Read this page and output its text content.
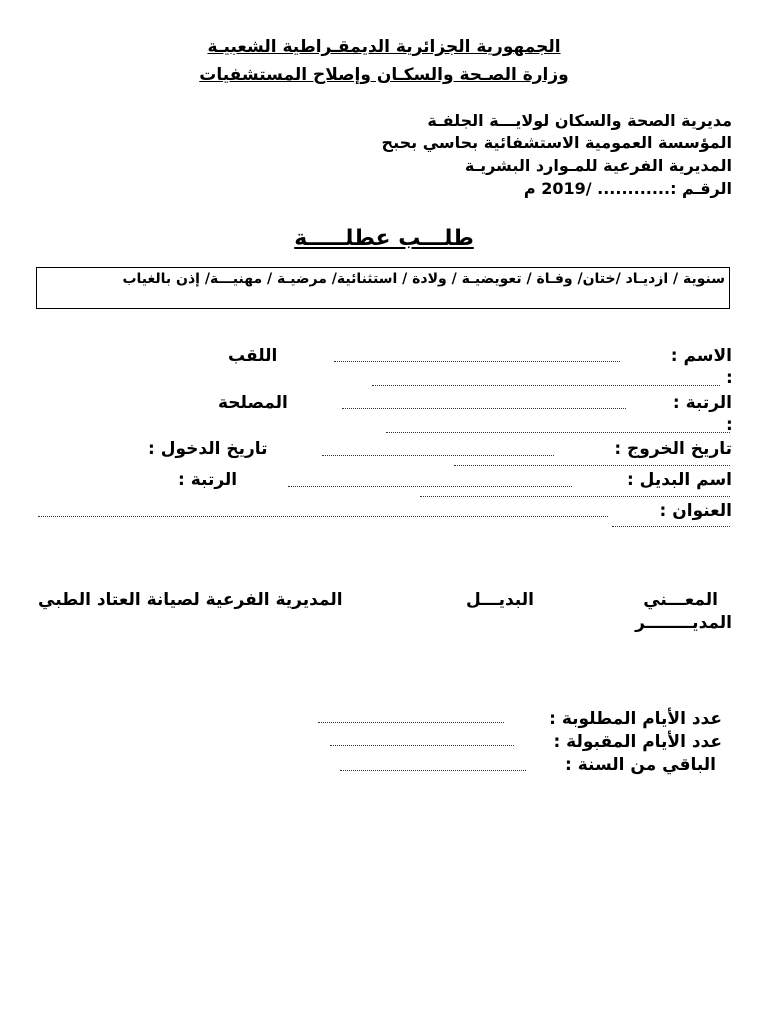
الجمهورية الجزائرية الديمقـراطية الشعبيـة
وزارة الصـحة والسكـان وإصلاح المستشفيات
مديرية الصحة والسكان لولايـــة الجلفـة
المؤسسة العمومية الاستشفائية بحاسي بحبح
المديرية الفرعية للمـوارد البشريـة
الرقـم :............ /2019 م
طلـــب عطلـــــة
سنوية / ازديـاد /ختان/ وفـاة / تعويضيـة / ولادة / استثنائية/ مرضيـة / مهنيـــة/ إذن بالغياب
الاسم :
اللقب
:
الرتبة :
المصلحة
:
تاريخ الخروج :
تاريخ الدخول :
اسم البديل :
الرتبة :
العنوان :
المعـــني
البديـــل
المديرية الفرعية لصيانة العتاد الطبي
المديــــــــر
عدد الأيام المطلوبة :
عدد الأيام المقبولة :
الباقي من السنة :
